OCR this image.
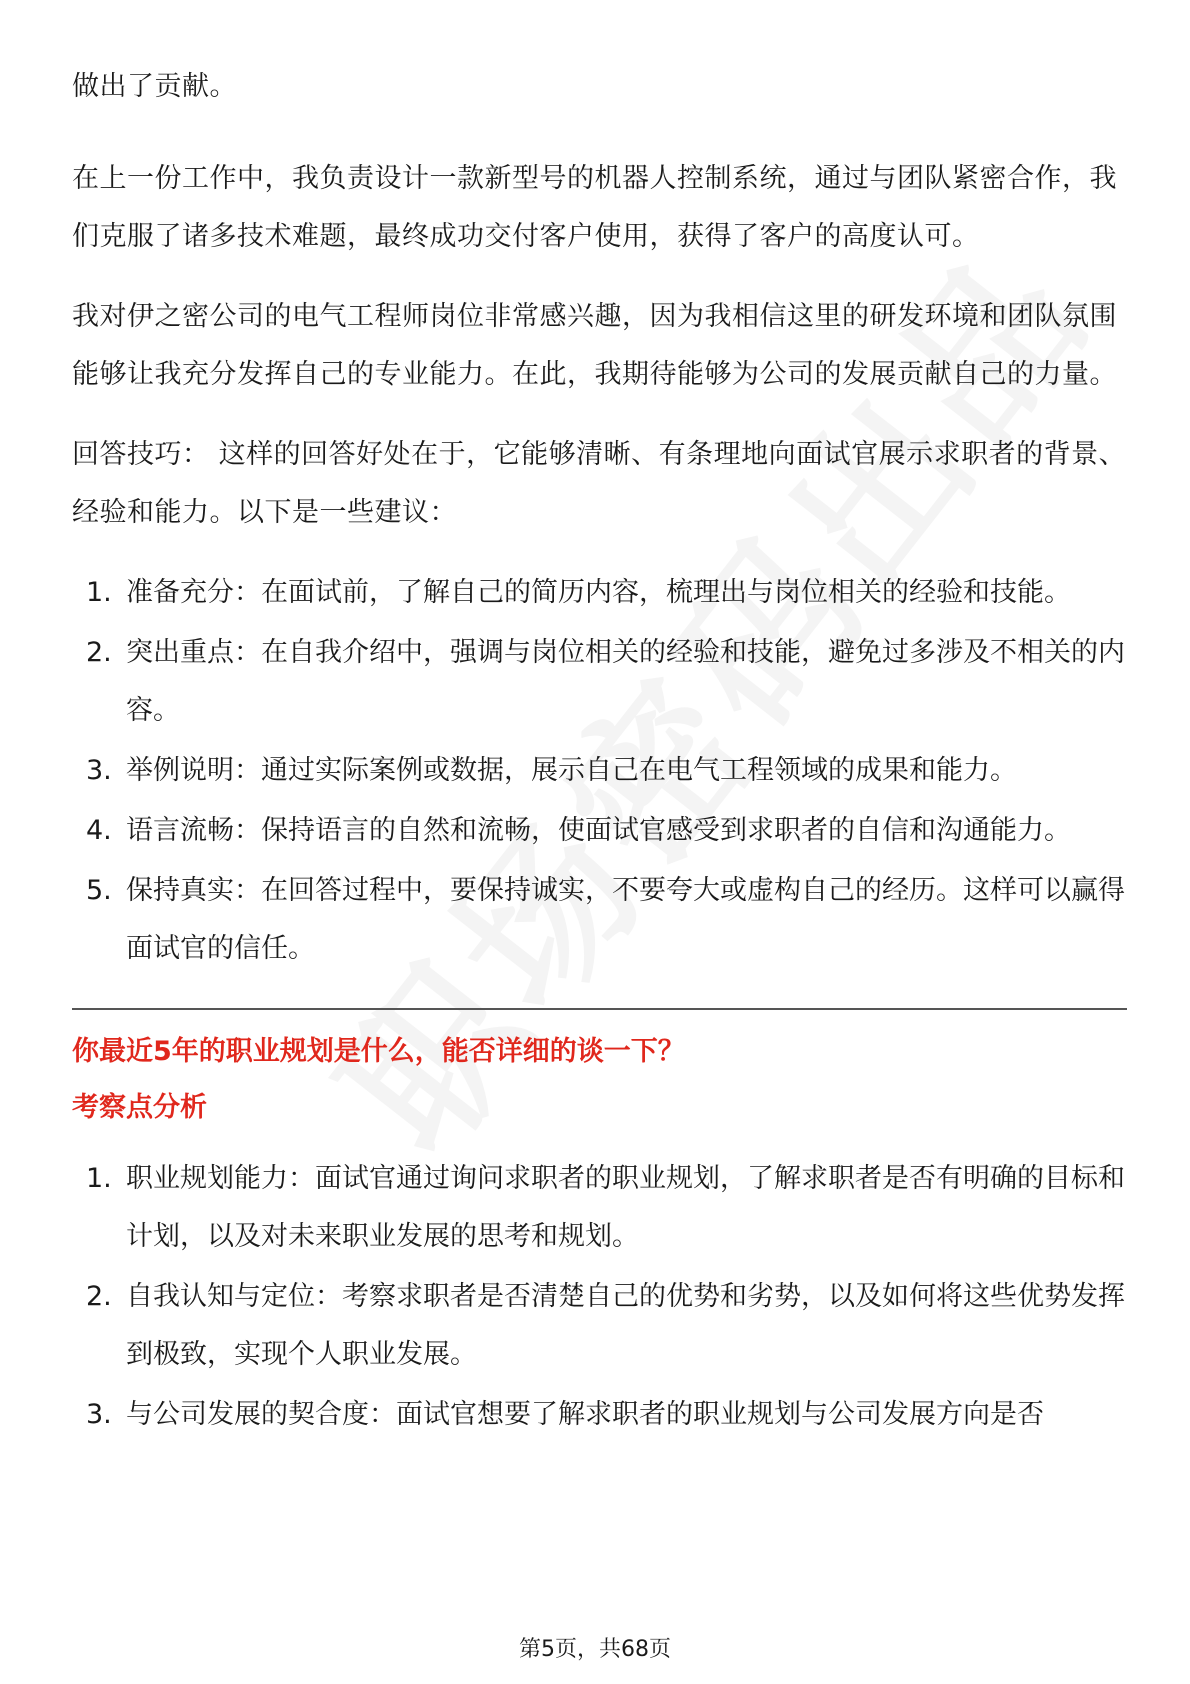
做出了贡献。

在上一份工作中，我负责设计一款新型号的机器人控制系统，通过与团队紧密合作，我们克服了诸多技术难题，最终成功交付客户使用，获得了客户的高度认可。

我对伊之密公司的电气工程师岗位非常感兴趣，因为我相信这里的研发环境和团队氛围能够让我充分发挥自己的专业能力。在此，我期待能够为公司的发展贡献自己的力量。

回答技巧： 这样的回答好处在于，它能够清晰、有条理地向面试官展示求职者的背景、经验和能力。以下是一些建议：

1. 准备充分：在面试前，了解自己的简历内容，梳理出与岗位相关的经验和技能。
2. 突出重点：在自我介绍中，强调与岗位相关的经验和技能，避免过多涉及不相关的内容。
3. 举例说明：通过实际案例或数据，展示自己在电气工程领域的成果和能力。
4. 语言流畅：保持语言的自然和流畅，使面试官感受到求职者的自信和沟通能力。
5. 保持真实：在回答过程中，要保持诚实，不要夸大或虚构自己的经历。这样可以赢得面试官的信任。
你最近5年的职业规划是什么，能否详细的谈一下？
考察点分析
1. 职业规划能力：面试官通过询问求职者的职业规划，了解求职者是否有明确的目标和计划，以及对未来职业发展的思考和规划。
2. 自我认知与定位：考察求职者是否清楚自己的优势和劣势，以及如何将这些优势发挥到极致，实现个人职业发展。
3. 与公司发展的契合度：面试官想要了解求职者的职业规划与公司发展方向是否
第5页，共68页
